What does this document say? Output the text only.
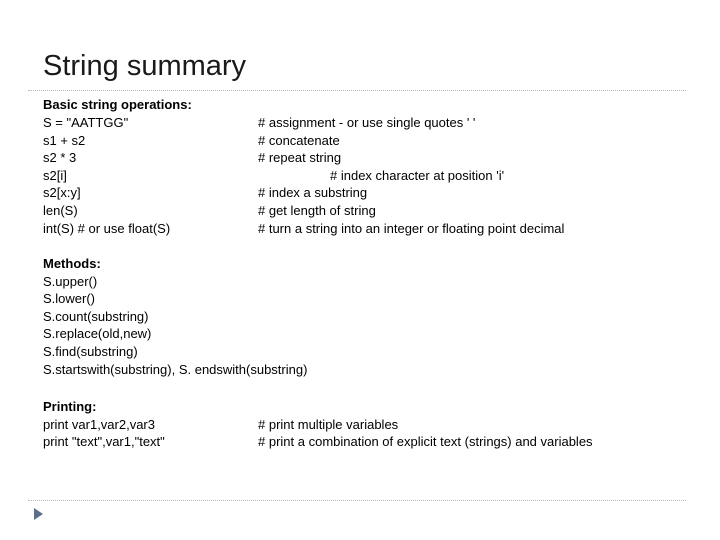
String summary
Basic string operations:
S = "AATTGG"	# assignment - or use single quotes ' '
s1 + s2	# concatenate
s2 * 3	# repeat string
s2[i]	# index character at position 'i'
s2[x:y]	# index a substring
len(S)	# get length of string
int(S) # or use float(S)	# turn a string into an integer or floating point decimal
Methods:
S.upper()
S.lower()
S.count(substring)
S.replace(old,new)
S.find(substring)
S.startswith(substring), S. endswith(substring)
Printing:
print var1,var2,var3	# print multiple variables
print "text",var1,"text"	# print a combination of explicit text (strings) and variables
